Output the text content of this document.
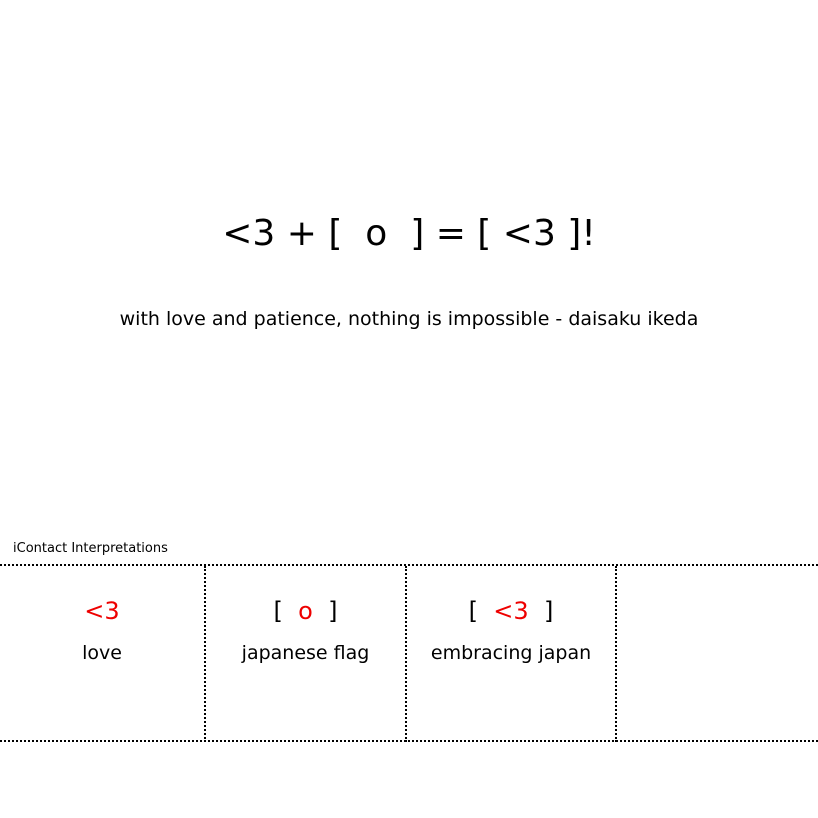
<3 + [  o  ] = [ <3 ]!
with love and patience, nothing is impossible - daisaku ikeda
iContact Interpretations
<3
love
[  o  ]
japanese flag
[  <3  ]
embracing japan
